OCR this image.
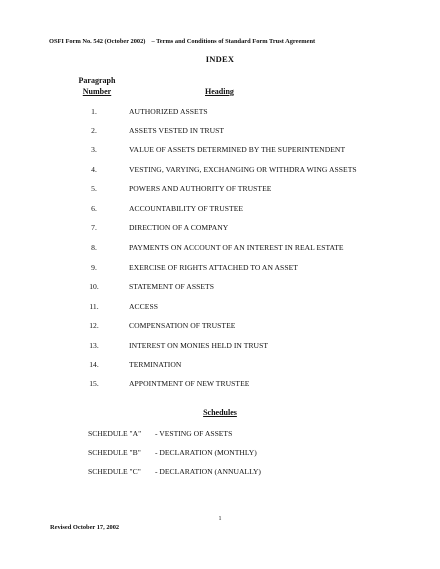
OSFI Form No. 542 (October 2002) – Terms and Conditions of Standard Form Trust Agreement
INDEX
Paragraph
Number	Heading
1.	AUTHORIZED ASSETS
2.	ASSETS VESTED IN TRUST
3.	VALUE OF ASSETS DETERMINED BY THE SUPERINTENDENT
4.	VESTING, VARYING, EXCHANGING OR WITHDRA WING ASSETS
5.	POWERS AND AUTHORITY OF TRUSTEE
6.	ACCOUNTABILITY OF TRUSTEE
7.	DIRECTION OF A COMPANY
8.	PAYMENTS ON ACCOUNT OF AN INTEREST IN REAL ESTATE
9.	EXERCISE OF RIGHTS ATTACHED TO AN ASSET
10.	STATEMENT OF ASSETS
11.	ACCESS
12.	COMPENSATION OF TRUSTEE
13.	INTEREST ON MONIES HELD IN TRUST
14.	TERMINATION
15.	APPOINTMENT OF NEW TRUSTEE
Schedules
SCHEDULE "A" - VESTING OF ASSETS
SCHEDULE "B" - DECLARATION (MONTHLY)
SCHEDULE "C" - DECLARATION (ANNUALLY)
1
Revised October 17, 2002
